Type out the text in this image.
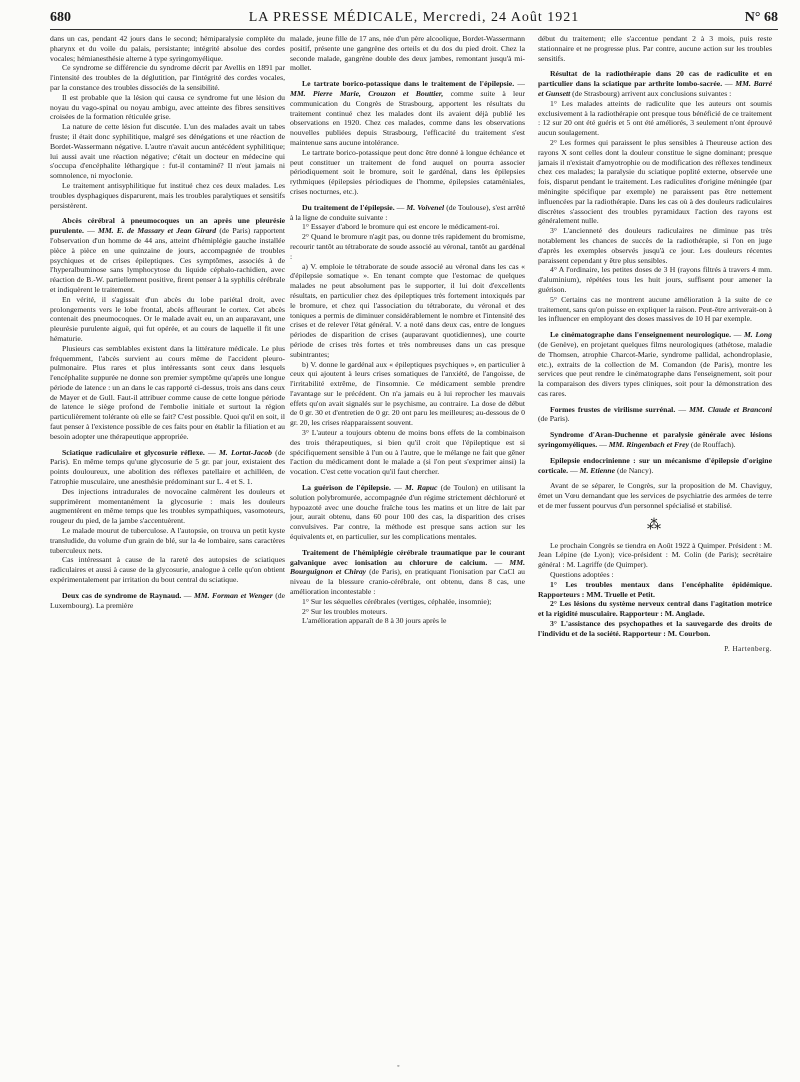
680	LA PRESSE MÉDICALE, Mercredi, 24 Août 1921	N° 68

dans un cas, pendant 42 jours dans le second; hémiparalysie complète du pharynx et du voile du palais, persistante; intégrité absolue des cordes vocales; hémianesthésie alterne à type syringomyélique.

Ce syndrome se différencie du syndrome décrit par Avellis en 1891 par l'intensité des troubles de la déglutition, par l'intégrité des cordes vocales, par la constance des troubles dissociés de la sensibilité.

Il est probable que la lésion qui causa ce syndrome fut une lésion du noyau du vago-spinal ou noyau ambigu, avec atteinte des fibres sensitives croisées de la formation réticulée grise.

La nature de cette lésion fut discutée. L'un des malades avait un tabes fruste; il était donc syphilitique, malgré ses dénégations et une réaction de Bordet-Wassermann négative. L'autre n'avait aucun antécédent syphilitique; lui aussi avait une réaction négative; c'était un docteur en médecine qui s'occupa d'encéphalite léthargique : fut-il contaminé? Il n'eut jamais ni somnolence, ni myoclonie.

Le traitement antisyphilitique fut institué chez ces deux malades. Les troubles dysphagiques disparurent, mais les troubles paralytiques et sensitifs persistèrent.

Abcès cérébral à pneumocoques un an après une pleurésie purulente. — MM. E. de Massary et Jean Girard (de Paris) rapportent l'observation d'un homme de 44 ans, atteint d'hémiplégie gauche installée pièce à pièce en une quinzaine de jours, accompagnée de troubles psychiques et de crises épileptiques. Ces symptômes, associés à de l'hyperalbuminose sans lymphocytose du liquide céphalo-rachidien, avec réaction de B.-W. partiellement positive, firent penser à la syphilis cérébrale et indiquèrent le traitement.

En vérité, il s'agissait d'un abcès du lobe pariétal droit, avec prolongements vers le lobe frontal, abcès affleurant le cortex. Cet abcès contenait des pneumocoques. Or le malade avait eu, un an auparavant, une pleurésie purulente aiguë, qui fut opérée, et au cours de laquelle il fit une hématurie.

Plusieurs cas semblables existent dans la littérature médicale. Le plus fréquemment, l'abcès survient au cours même de l'accident pleuro-pulmonaire. Plus rares et plus intéressants sont ceux dans lesquels l'encéphalite suppurée ne donne son premier symptôme qu'après une longue période de latence : un an dans le cas rapporté ci-dessus, trois ans dans ceux de Mayer et de Gull. Faut-il attribuer comme cause de cette longue période de latence le siège profond de l'embolie initiale et surtout la région particulièrement tolérante où elle se fait? C'est possible. Quoi qu'il en soit, il faut penser à l'existence possible de ces faits pour en établir la filiation et au besoin adopter une thérapeutique appropriée.

Sciatique radiculaire et glycosurie réflexe. — M. Lortat-Jacob (de Paris). En même temps qu'une glycosurie de 5 gr. par jour, existaient des points douloureux, une abolition des réflexes patellaire et achilléen, de l'atrophie musculaire, une anesthésie prédominant sur L. 4 et S. 1.

Des injections intradurales de novocaïne calmèrent les douleurs et supprimèrent momentanément la glycosurie : mais les douleurs augmentèrent en même temps que les troubles sympathiques, vasomoteurs, rougeur du pied, de la jambe s'accentuèrent.

Le malade mourut de tuberculose. A l'autopsie, on trouva un petit kyste transludide, du volume d'un grain de blé, sur la 4e lombaire, sans caractères tuberculeux nets.

Cas intéressant à cause de la rareté des autopsies de sciatiques radiculaires et aussi à cause de la glycosurie, analogue à celle qu'on obtient expérimentalement par irritation du bout central du sciatique.

Deux cas de syndrome de Raynaud. — MM. Forman et Wenger (de Luxembourg). La première

malade, jeune fille de 17 ans, née d'un père alcoolique, Bordet-Wassermann positif, présente une gangrène des orteils et du dos du pied droit. Chez la seconde malade, gangrène double des deux jambes, remontant jusqu'à mi-mollet.

Le tartrate borico-potassique dans le traitement de l'épilepsie. — MM. Pierre Marie, Crouzon et Bouttier, comme suite à leur communication du Congrès de Strasbourg, apportent les résultats du traitement continué chez les malades dont ils avaient déjà publié les observations en 1920. Chez ces malades, comme dans les observations nouvelles publiées depuis Strasbourg, l'efficacité du traitement s'est maintenue sans aucune intolérance.

Le tartrate borico-potassique peut donc être donné à longue échéance et peut constituer un traitement de fond auquel on pourra associer périodiquement soit le bromure, soit le gardénal, dans les épilepsies rythmiques (épilepsies périodiques de l'homme, épilepsies cataméniales, crises nocturnes, etc.).

Du traitement de l'épilepsie. — M. Voivenel (de Toulouse), s'est arrêté à la ligne de conduite suivante :

1° Essayer d'abord le bromure qui est encore le médicament-roi.

2° Quand le bromure n'agit pas, ou donne très rapidement du bromisme, recourir tantôt au tétraborate de soude associé au véronal, tantôt au gardénal :

a) V. emploie le tétraborate de soude associé au véronal dans les cas « d'épilepsie somatique ». En tenant compte que l'estomac de quelques malades ne peut absolument pas le supporter, il lui doit d'excellents résultats, en particulier chez des épileptiques très fortement intoxiqués par le bromure, et chez qui l'association du tétraborate, du véronal et des toniques a permis de diminuer considérablement le nombre et l'intensité des crises et de relever l'état général. V. a noté dans deux cas, entre de longues périodes de disparition de crises (auparavant quotidiennes), une courte période de crises très fortes et très nombreuses dans un cas presque subintrantes;

b) V. donne le gardénal aux « épileptiques psychiques », en particulier à ceux qui ajoutent à leurs crises somatiques de l'anxiété, de l'angoisse, de l'irritabilité extrême, de l'insomnie. Ce médicament semble prendre l'avantage sur le précédent. On n'a jamais eu à lui reprocher les mauvais effets qu'on avait signalés sur le psychisme, au contraire. La dose de début de 0 gr. 30 et d'entretien de 0 gr. 20 ont paru les meilleures; au-dessous de 0 gr. 20, les crises réapparaissent souvent.

3° L'auteur a toujours obtenu de moins bons effets de la combinaison des trois thérapeutiques, si bien qu'il croit que l'épileptique est si spécifiquement sensible à l'un ou à l'autre, que le mélange ne fait que gêner l'action du médicament dont le malade a (si l'on peut s'exprimer ainsi) la vocation. C'est cette vocation qu'il faut chercher.

La guérison de l'épilepsie. — M. Rapuc (de Toulon) en utilisant la solution polybromurée, accompagnée d'un régime strictement déchloruré et hypoazoté avec une douche fraîche tous les matins et un litre de lait par jour, aurait obtenu, dans 60 pour 100 des cas, la disparition des crises convulsives. Par contre, la méthode est presque sans action sur les équivalents et, en particulier, sur les complications mentales.

Traitement de l'hémiplégie cérébrale traumatique par le courant galvanique avec ionisation au chlorure de calcium. — MM. Bourguignon et Chiray (de Paris), en pratiquant l'ionisation par CaCl au niveau de la blessure cranio-cérébrale, ont obtenu, dans 8 cas, une amélioration incontestable :

1° Sur les séquelles cérébrales (vertiges, céphalée, insomnie);

2° Sur les troubles moteurs.

L'amélioration apparaît de 8 à 30 jours après le

début du traitement; elle s'accentue pendant 2 à 3 mois, puis reste stationnaire et ne progresse plus. Par contre, aucune action sur les troubles sensitifs.

Résultat de la radiothérapie dans 20 cas de radiculite et en particulier dans la sciatique par arthrite lombo-sacrée. — MM. Barré et Gunsett (de Strasbourg) arrivent aux conclusions suivantes :

1° Les malades atteints de radiculite que les auteurs ont soumis exclusivement à la radiothérapie ont presque tous bénéficié de ce traitement : 12 sur 20 ont été guéris et 5 ont été améliorés, 3 seulement n'ont éprouvé aucun soulagement.

2° Les formes qui paraissent le plus sensibles à l'heureuse action des rayons X sont celles dont la douleur constitue le signe dominant; presque jamais il n'existait d'amyotrophie ou de modification des réflexes tendineux chez ces malades; la paralysie du sciatique poplité externe, observée une fois, disparut pendant le traitement. Les radiculites d'origine méningée (par méningite spécifique par exemple) ne paraissent pas être nettement influencées par la radiothérapie. Dans les cas où à des douleurs radiculaires discrètes s'associent des troubles pyramidaux l'action des rayons est généralement nulle.

3° L'ancienneté des douleurs radiculaires ne diminue pas très notablement les chances de succès de la radiothérapie, si l'on en juge d'après les exemples observés jusqu'à ce jour. Les douleurs récentes paraissent cependant y être plus sensibles.

4° A l'ordinaire, les petites doses de 3 H (rayons filtrés à travers 4 mm. d'aluminium), répétées tous les huit jours, suffisent pour amener la guérison.

5° Certains cas ne montrent aucune amélioration à la suite de ce traitement, sans qu'on puisse en expliquer la raison. Peut-être arriverait-on à les influencer en employant des doses massives de 10 H par exemple.

Le cinématographe dans l'enseignement neurologique. — M. Long (de Genève), en projetant quelques films neurologiques (athétose, maladie de Thomsen, atrophie Charcot-Marie, syndrome pallidal, achondroplasie, etc.), extraits de la collection de M. Comandon (de Paris), montre les services que peut rendre le cinématographe dans l'enseignement, soit pour la comparaison des divers types cliniques, soit pour la démonstration des cas rares.

Formes frustes de virilisme surrénal. — MM. Claude et Branconi (de Paris).

Syndrome d'Aran-Duchenne et paralysie générale avec lésions syringomyéliques. — MM. Ringenbach et Frey (de Rouffach).

Epilepsie endocrinienne : sur un mécanisme d'épilepsie d'origine corticale. — M. Etienne (de Nancy).

Avant de se séparer, le Congrès, sur la proposition de M. Chaviguy, émet un Vœu demandant que les services de psychiatrie des armées de terre et de mer fussent pourvus d'un personnel spécialisé et stabilisé.

⁂

Le prochain Congrès se tiendra en Août 1922 à Quimper. Président : M. Jean Lépine (de Lyon); vice-président : M. Colin (de Paris); secrétaire général : M. Lagriffe (de Quimper).

Questions adoptées :

1° Les troubles mentaux dans l'encéphalite épidémique. Rapporteurs : MM. Truelle et Petit.

2° Les lésions du système nerveux central dans l'agitation motrice et la rigidité musculaire. Rapporteur : M. Anglade.

3° L'assistance des psychopathes et la sauvegarde des droits de l'individu et de la société. Rapporteur : M. Courbon.

P. Hartenberg.
◦
